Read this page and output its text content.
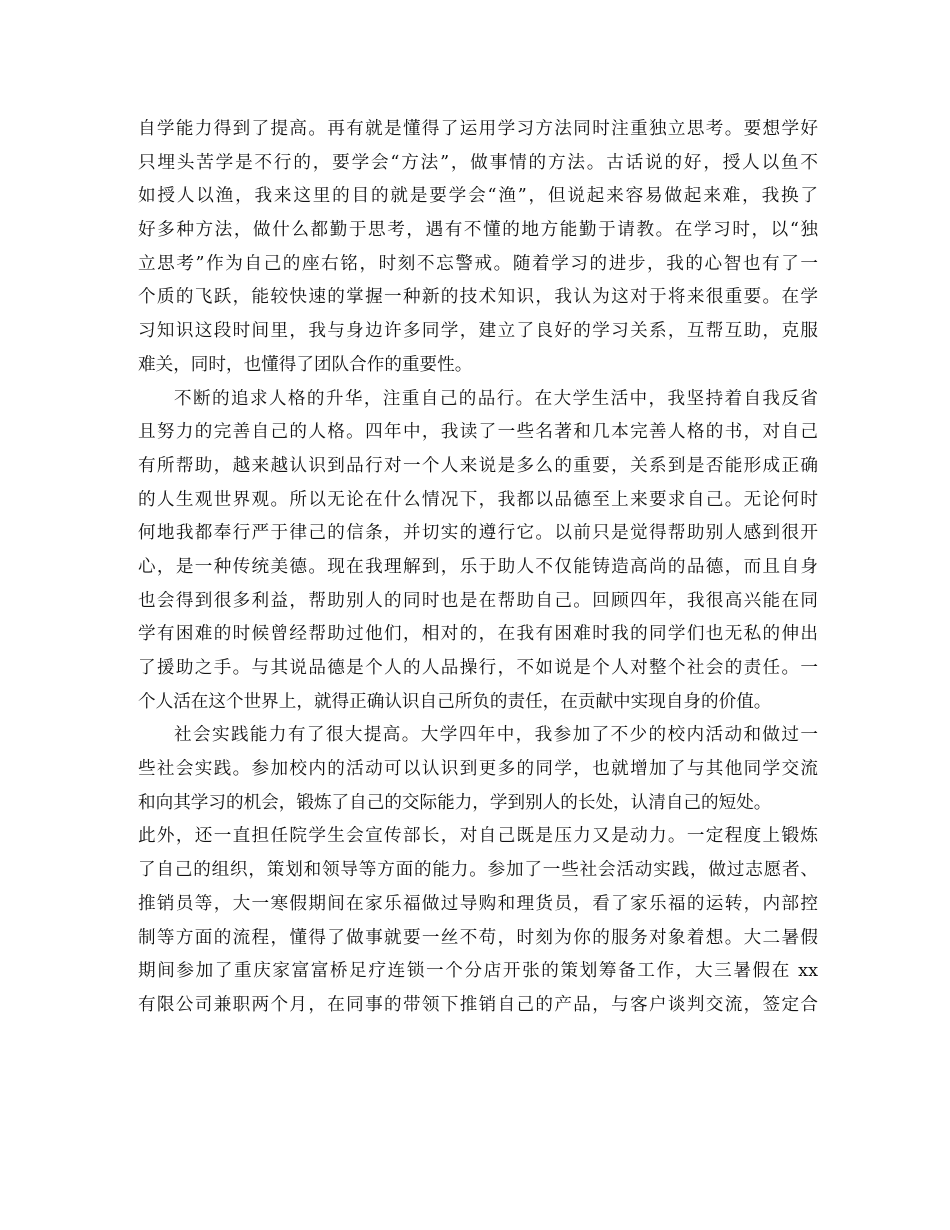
自学能力得到了提高。再有就是懂得了运用学习方法同时注重独立思考。要想学好
只埋头苦学是不行的，要学会“方法”，做事情的方法。古话说的好，授人以鱼不
如授人以渔，我来这里的目的就是要学会“渔”，但说起来容易做起来难，我换了
好多种方法，做什么都勤于思考，遇有不懂的地方能勤于请教。在学习时，以“独
立思考”作为自己的座右铭，时刻不忘警戒。随着学习的进步，我的心智也有了一
个质的飞跃，能较快速的掌握一种新的技术知识，我认为这对于将来很重要。在学
习知识这段时间里，我与身边许多同学，建立了良好的学习关系，互帮互助，克服
难关，同时，也懂得了团队合作的重要性。
不断的追求人格的升华，注重自己的品行。在大学生活中，我坚持着自我反省
且努力的完善自己的人格。四年中，我读了一些名著和几本完善人格的书，对自己
有所帮助，越来越认识到品行对一个人来说是多么的重要，关系到是否能形成正确
的人生观世界观。所以无论在什么情况下，我都以品德至上来要求自己。无论何时
何地我都奉行严于律己的信条，并切实的遵行它。以前只是觉得帮助别人感到很开
心，是一种传统美德。现在我理解到，乐于助人不仅能铸造高尚的品德，而且自身
也会得到很多利益，帮助别人的同时也是在帮助自己。回顾四年，我很高兴能在同
学有困难的时候曾经帮助过他们，相对的，在我有困难时我的同学们也无私的伸出
了援助之手。与其说品德是个人的人品操行，不如说是个人对整个社会的责任。一
个人活在这个世界上，就得正确认识自己所负的责任，在贡献中实现自身的价值。
社会实践能力有了很大提高。大学四年中，我参加了不少的校内活动和做过一
些社会实践。参加校内的活动可以认识到更多的同学，也就增加了与其他同学交流
和向其学习的机会，锻炼了自己的交际能力，学到别人的长处，认清自己的短处。
此外，还一直担任院学生会宣传部长，对自己既是压力又是动力。一定程度上锻炼
了自己的组织，策划和领导等方面的能力。参加了一些社会活动实践，做过志愿者、
推销员等，大一寒假期间在家乐福做过导购和理货员，看了家乐福的运转，内部控
制等方面的流程，懂得了做事就要一丝不苟，时刻为你的服务对象着想。大二暑假
期间参加了重庆家富富桥足疗连锁一个分店开张的策划筹备工作，大三暑假在 xx
有限公司兼职两个月，在同事的带领下推销自己的产品，与客户谈判交流，签定合
